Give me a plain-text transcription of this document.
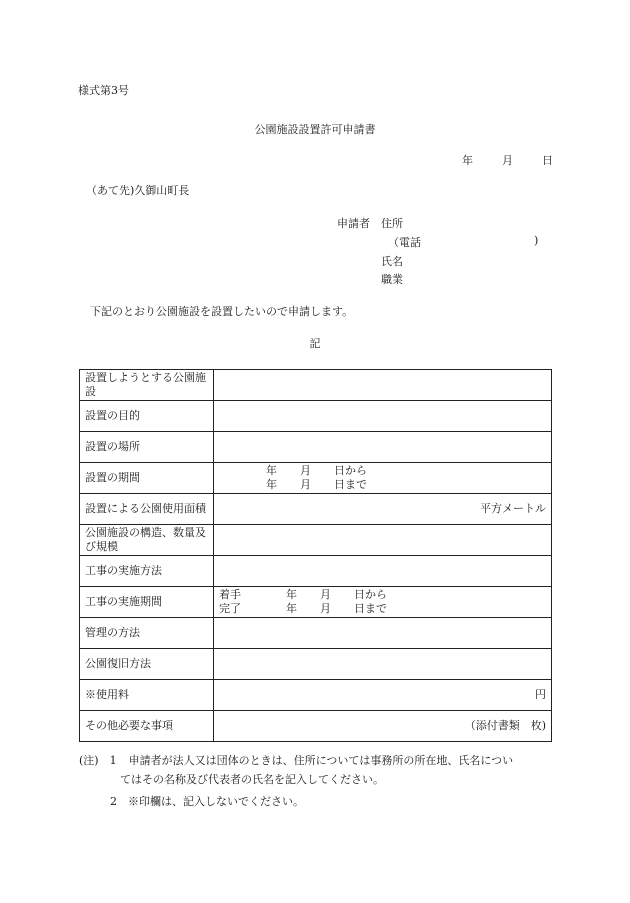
様式第3号
公園施設設置許可申請書
年	月	日
（あて先)久御山町長
申請者 住所
（電話	)
氏名
職業
下記のとおり公園施設を設置したいので申請します。
記
設置しようとする公園施設	
設置の目的	
設置の場所	
設置の期間	年 月 日から
年 月 日まで

設置による公園使用面積	平方メートル
公園施設の構造、数量及び規模	
工事の実施方法	
工事の実施期間	着手 年 月 日から
完了 年 月 日まで

管理の方法	
公園復旧方法	
※使用料	円
その他必要な事項	（添付書類　枚)
(注)　1 申請者が法人又は団体のときは、住所については事務所の所在地、氏名につい
てはその名称及び代表者の氏名を記入してください。
2　※印欄は、記入しないでください。
